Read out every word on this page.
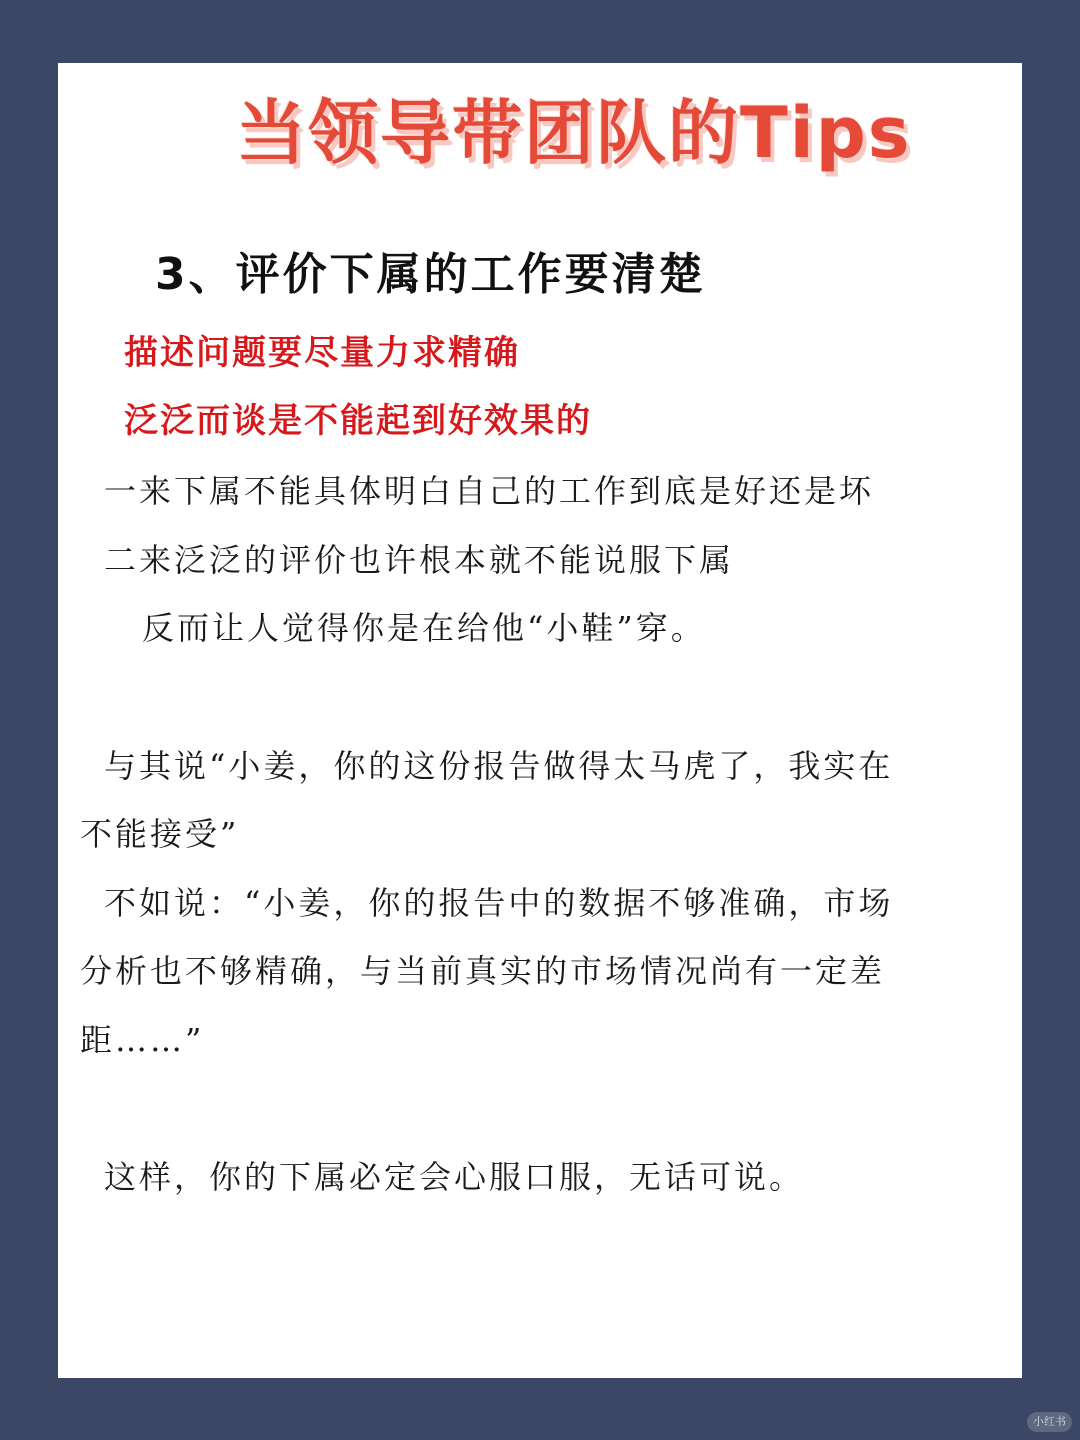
当领导带团队的Tips
3、评价下属的工作要清楚
描述问题要尽量力求精确
泛泛而谈是不能起到好效果的
一来下属不能具体明白自己的工作到底是好还是坏
二来泛泛的评价也许根本就不能说服下属
反而让人觉得你是在给他“小鞋”穿。
与其说“小姜，你的这份报告做得太马虎了，我实在
不能接受”
不如说：“小姜，你的报告中的数据不够准确，市场
分析也不够精确，与当前真实的市场情况尚有一定差
距……”
这样，你的下属必定会心服口服，无话可说。
小红书
